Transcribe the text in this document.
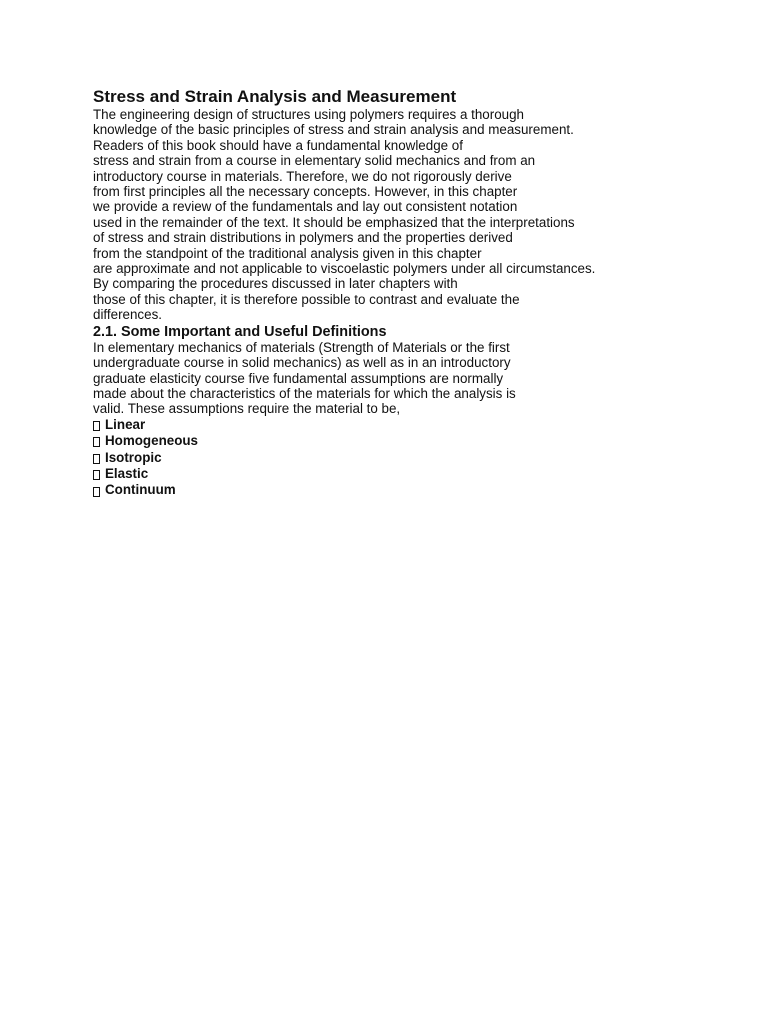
Stress and Strain Analysis and Measurement

The engineering design of structures using polymers requires a thorough

knowledge of the basic principles of stress and strain analysis and measurement.

Readers of this book should have a fundamental knowledge of

stress and strain from a course in elementary solid mechanics and from an

introductory course in materials. Therefore, we do not rigorously derive

from first principles all the necessary concepts. However, in this chapter

we provide a review of the fundamentals and lay out consistent notation

used in the remainder of the text. It should be emphasized that the interpretations

of stress and strain distributions in polymers and the properties derived

from the standpoint of the traditional analysis given in this chapter

are approximate and not applicable to viscoelastic polymers under all circumstances.

By comparing the procedures discussed in later chapters with

those of this chapter, it is therefore possible to contrast and evaluate the

differences.

2.1. Some Important and Useful Definitions

In elementary mechanics of materials (Strength of Materials or the first

undergraduate course in solid mechanics) as well as in an introductory

graduate elasticity course five fundamental assumptions are normally

made about the characteristics of the materials for which the analysis is

valid. These assumptions require the material to be,

Linear
Homogeneous
Isotropic
Elastic
Continuum
